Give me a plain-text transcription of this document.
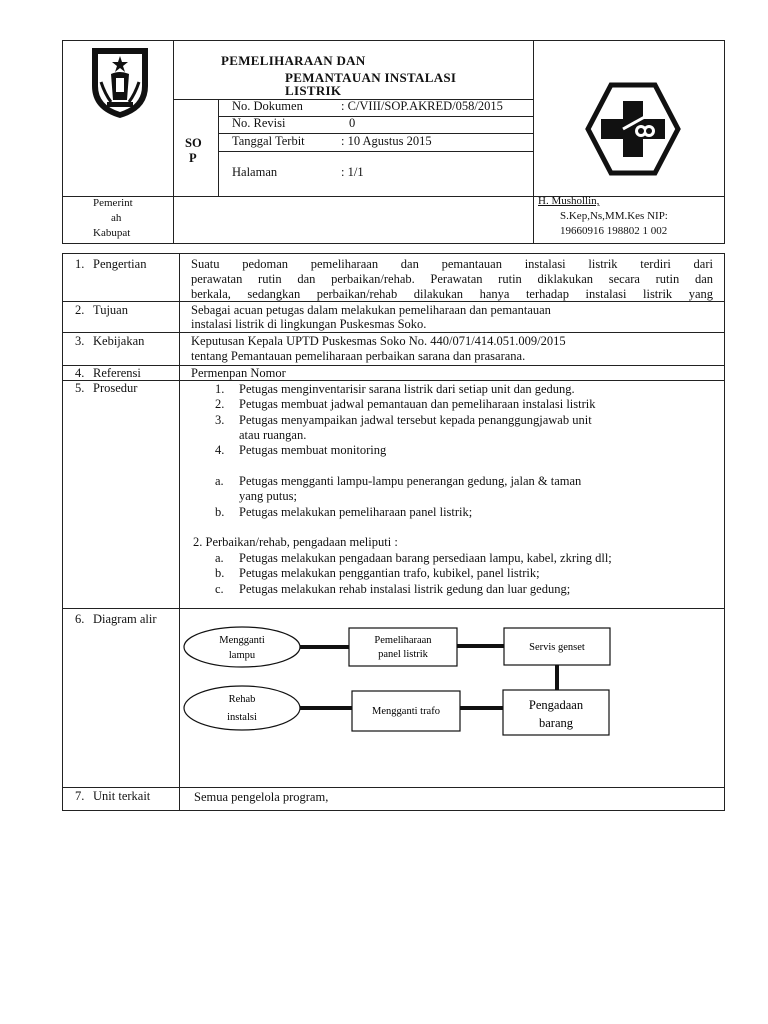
PEMELIHARAAN DAN
PEMANTAUAN INSTALASI
LISTRIK
SO
P
No. Dokumen	: C/VIII/SOP.AKRED/058/2015
No. Revisi	0
Tanggal Terbit	: 10 Agustus 2015
Halaman	: 1/1
Pemerint
ah
Kabupat
H. Mushollin,
S.Kep,Ns,MM.Kes NIP:
19660916 198802 1 002
1. Pengertian	Suatu pedoman pemeliharaan dan pemantauan instalasi listrik terdiri dari
perawatan rutin dan perbaikan/rehab. Perawatan rutin diklakukan secara rutin dan
berkala, sedangkan perbaikan/rehab dilakukan hanya terhadap instalasi listrik yang
2. Tujuan	Sebagai acuan petugas dalam melakukan pemeliharaan dan pemantauan
instalasi listrik di lingkungan Puskesmas Soko.
3. Kebijakan	Keputusan Kepala UPTD Puskesmas Soko No. 440/071/414.051.009/2015
tentang Pemantauan pemeliharaan perbaikan sarana dan prasarana.
4. Referensi	Permenpan Nomor
5. Prosedur	1. Petugas menginventarisir sarana listrik dari setiap unit dan gedung.
2. Petugas membuat jadwal pemantauan dan pemeliharaan instalasi listrik
3. Petugas menyampaikan jadwal tersebut kepada penanggungjawab unit
atau ruangan.
4. Petugas membuat monitoring
a. Petugas mengganti lampu-lampu penerangan gedung, jalan & taman
yang putus;
b. Petugas melakukan pemeliharaan panel listrik;
2. Perbaikan/rehab, pengadaan meliputi :
a. Petugas melakukan pengadaan barang persediaan lampu, kabel, zkring dll;
b. Petugas melakukan penggantian trafo, kubikel, panel listrik;
c. Petugas melakukan rehab instalasi listrik gedung dan luar gedung;
6. Diagram alir
Mengganti
lampu
Pemeliharaan
panel listrik
Servis genset
Rehab
instalsi
Mengganti trafo	Pengadaan
barang
7. Unit terkait	Semua pengelola program,
